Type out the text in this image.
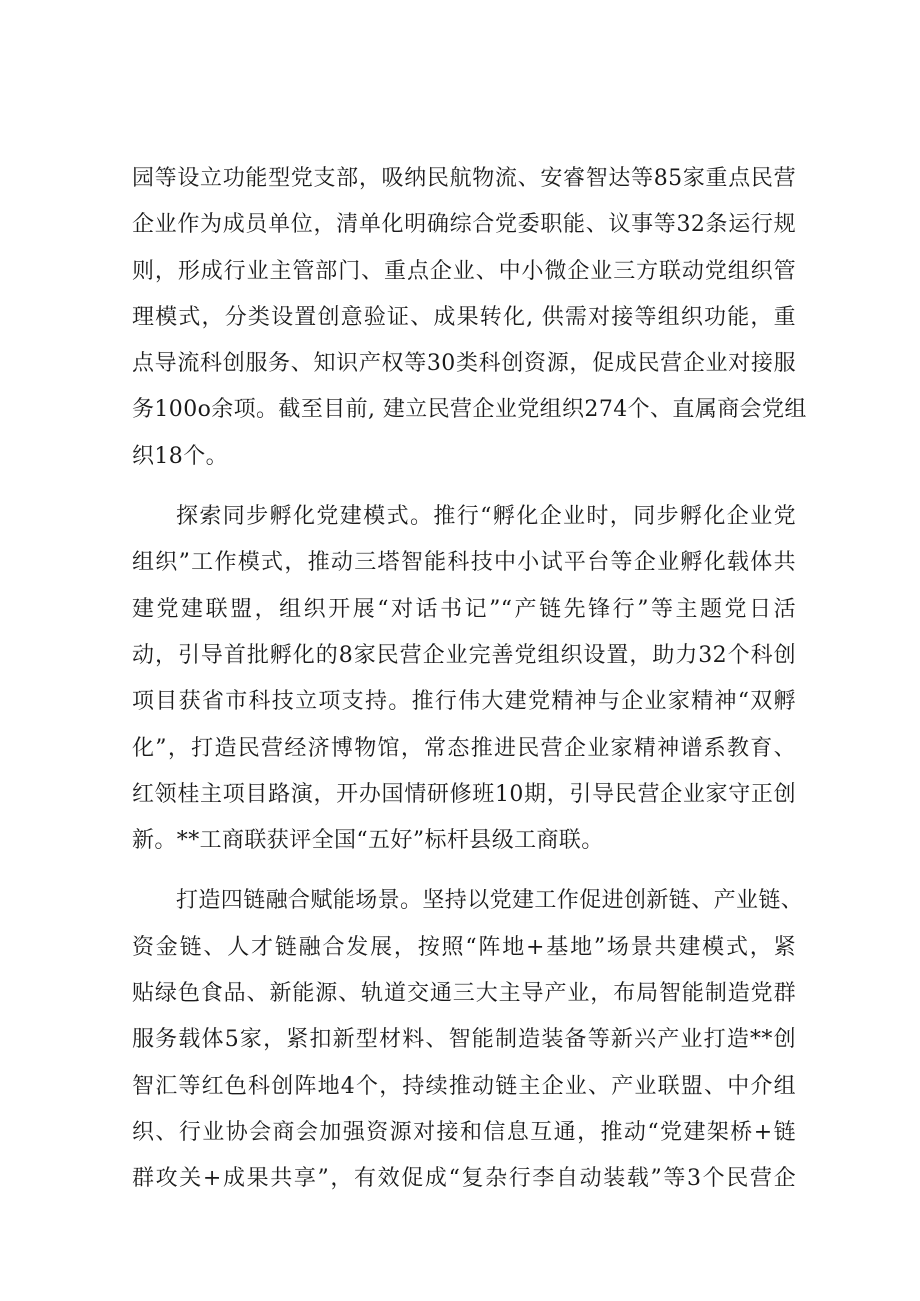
园等设立功能型党支部，吸纳民航物流、安睿智达等85家重点民营
企业作为成员单位，清单化明确综合党委职能、议事等32条运行规
则，形成行业主管部门、重点企业、中小微企业三方联动党组织管
理模式，分类设置创意验证、成果转化, 供需对接等组织功能，重
点导流科创服务、知识产权等30类科创资源，促成民营企业对接服
务100o余项。截至目前, 建立民营企业党组织274个、直属商会党组
织18个。
探索同步孵化党建模式。推行“孵化企业时，同步孵化企业党
组织”工作模式，推动三塔智能科技中小试平台等企业孵化载体共
建党建联盟，组织开展“对话书记”“产链先锋行”等主题党日活
动，引导首批孵化的8家民营企业完善党组织设置，助力32个科创
项目获省市科技立项支持。推行伟大建党精神与企业家精神“双孵
化”，打造民营经济博物馆，常态推进民营企业家精神谱系教育、
红领桂主项目路演，开办国情研修班10期，引导民营企业家守正创
新。**工商联获评全国“五好”标杆县级工商联。
打造四链融合赋能场景。坚持以党建工作促进创新链、产业链、
资金链、人才链融合发展，按照“阵地+基地”场景共建模式，紧
贴绿色食品、新能源、轨道交通三大主导产业，布局智能制造党群
服务载体5家，紧扣新型材料、智能制造装备等新兴产业打造**创
智汇等红色科创阵地4个，持续推动链主企业、产业联盟、中介组
织、行业协会商会加强资源对接和信息互通，推动“党建架桥+链
群攻关+成果共享”，有效促成“复杂行李自动装载”等3个民营企
